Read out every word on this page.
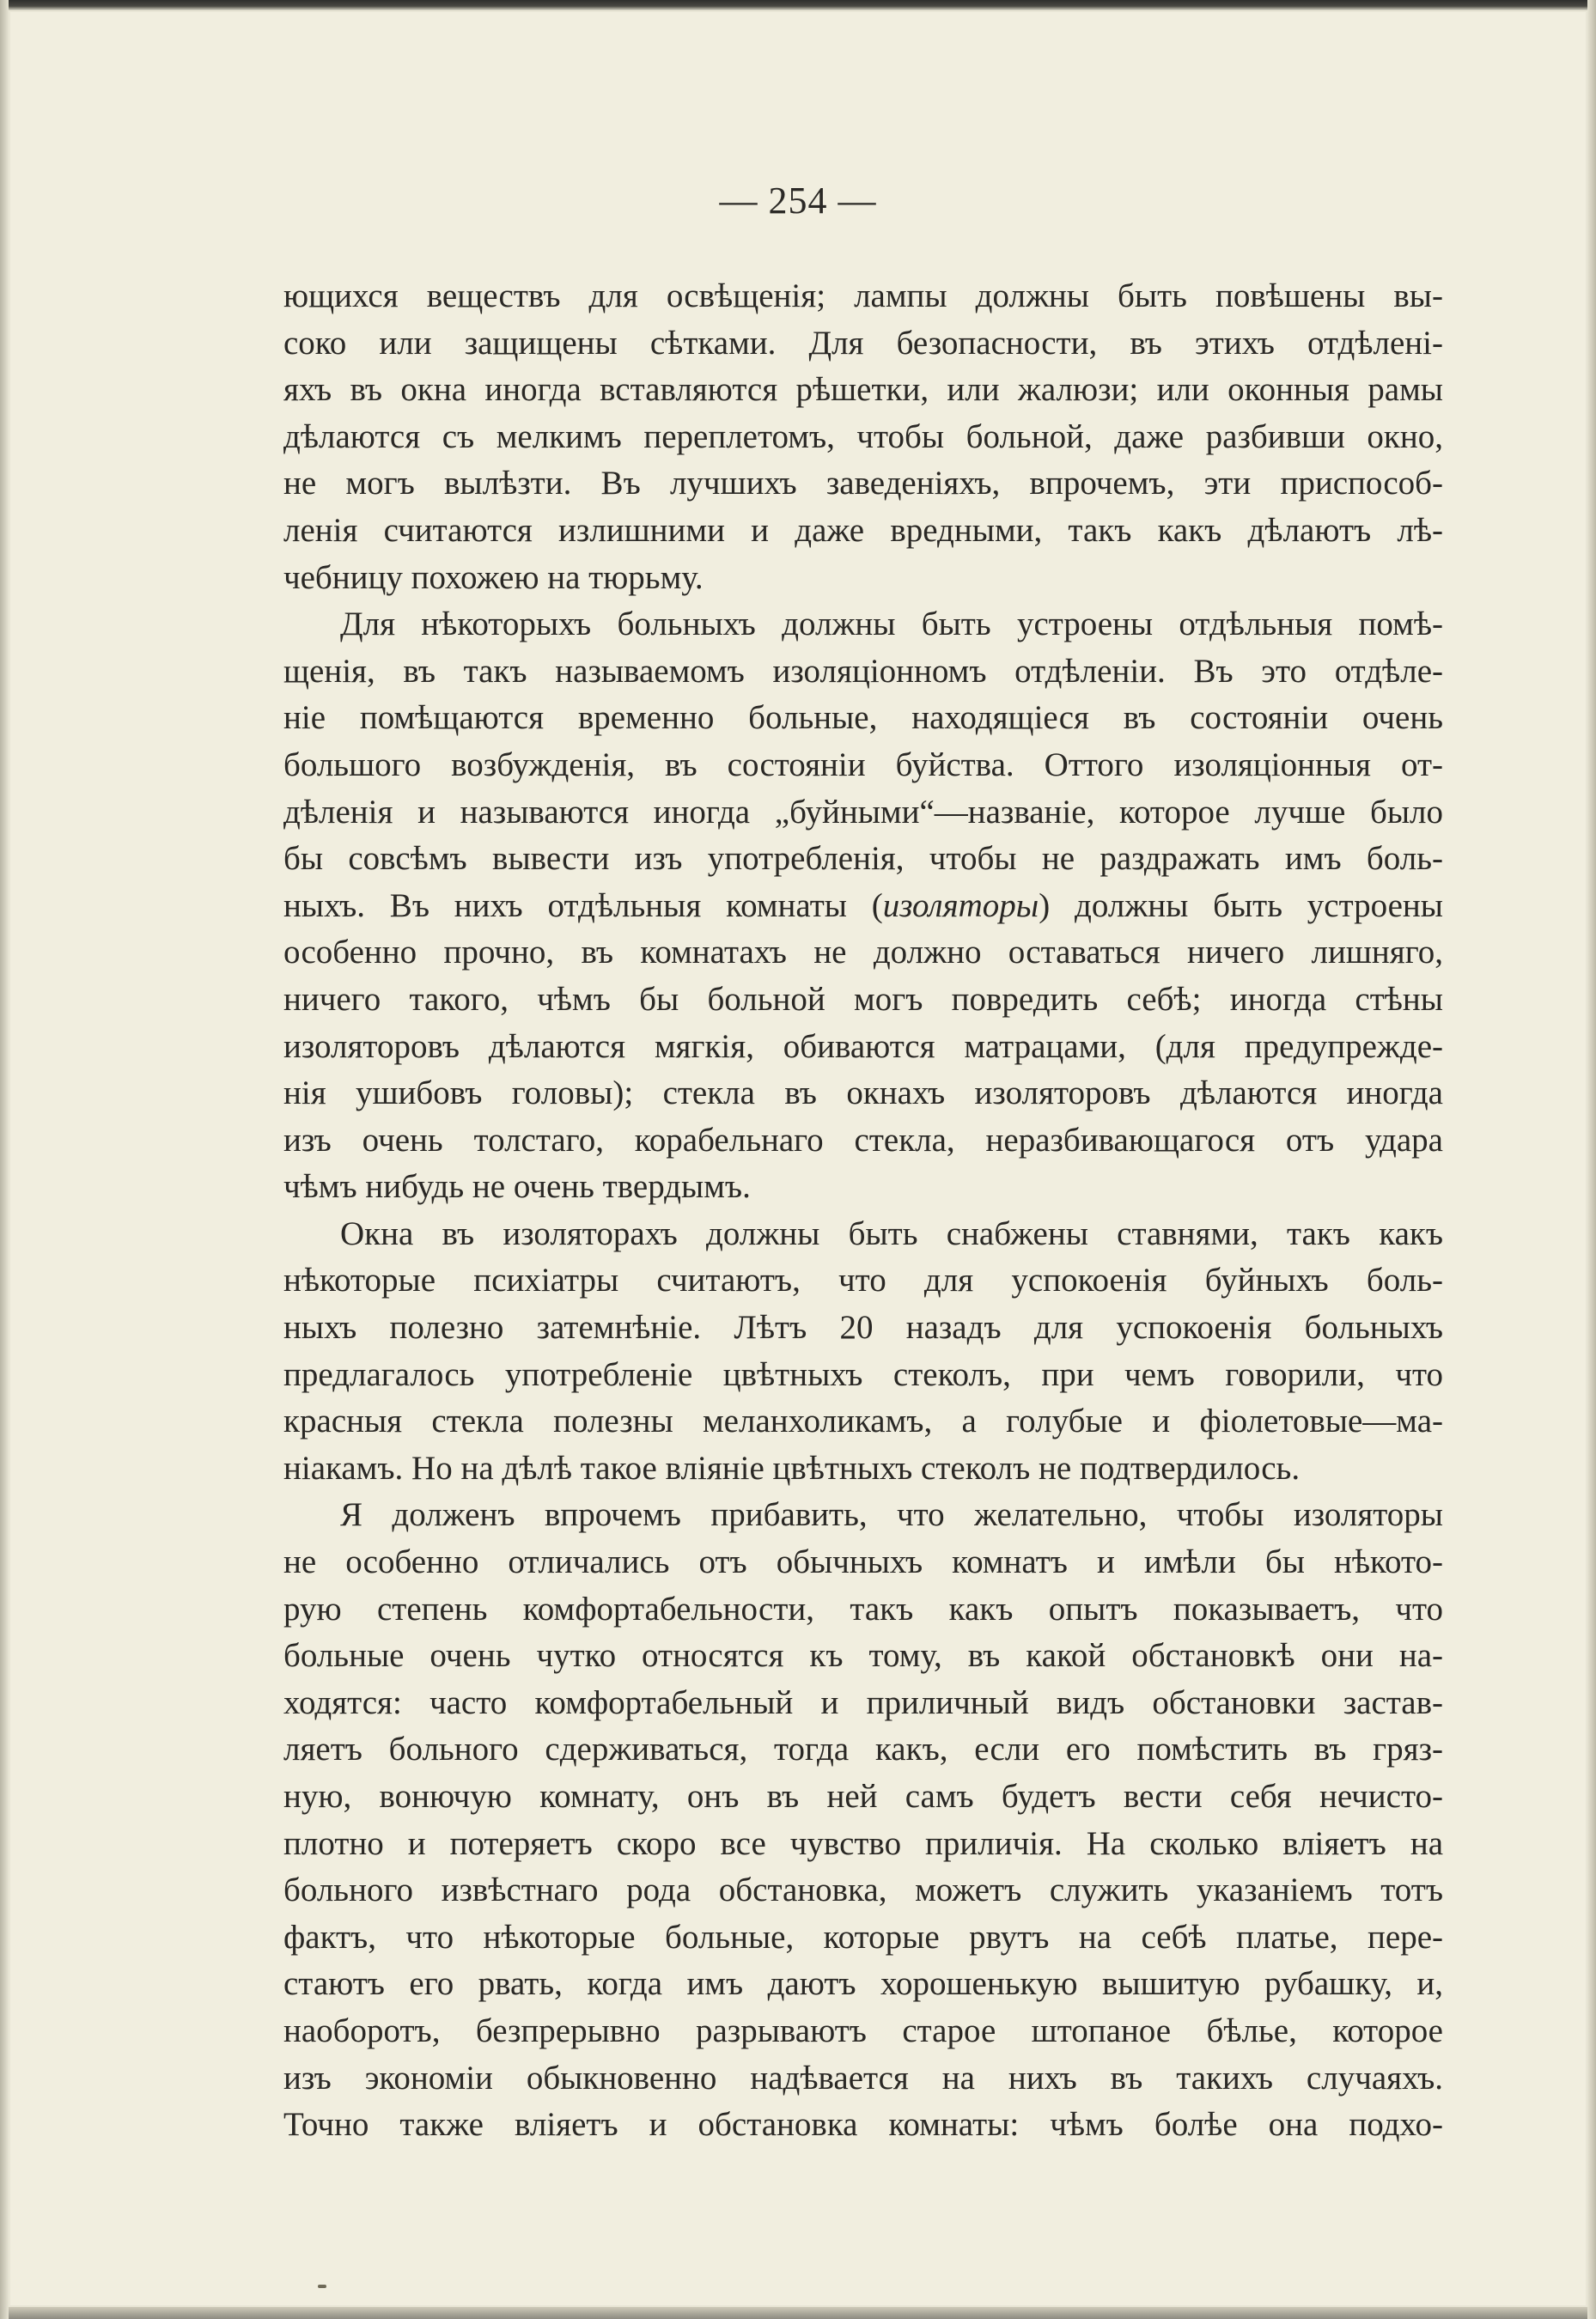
— 254 —
ющихся веществъ для освѣщенія; лампы должны быть повѣшены вы-
соко или защищены сѣтками. Для безопасности, въ этихъ отдѣленi-
яхъ въ окна иногда вставляются рѣшетки, или жалюзи; или оконныя рамы
дѣлаются съ мелкимъ переплетомъ, чтобы больной, даже разбивши окно,
не могъ вылѣзти. Въ лучшихъ заведеніяхъ, впрочемъ, эти приспособ-
ленія считаются излишними и даже вредными, такъ какъ дѣлаютъ лѣ-
чебницу похожею на тюрьму.
Для нѣкоторыхъ больныхъ должны быть устроены отдѣльныя помѣ-
щенія, въ такъ называемомъ изоляціонномъ отдѣленіи. Въ это отдѣле-
ніе помѣщаются временно больные, находящіеся въ состояніи очень
большого возбужденія, въ состояніи буйства. Оттого изоляціонныя от-
дѣленія и называются иногда „буйными“—названіе, которое лучше было
бы совсѣмъ вывести изъ употребленія, чтобы не раздражать имъ боль-
ныхъ. Въ нихъ отдѣльныя комнаты (изоляторы) должны быть устроены
особенно прочно, въ комнатахъ не должно оставаться ничего лишняго,
ничего такого, чѣмъ бы больной могъ повредить себѣ; иногда стѣны
изоляторовъ дѣлаются мягкія, обиваются матрацами, (для предупрежде-
нія ушибовъ головы); стекла въ окнахъ изоляторовъ дѣлаются иногда
изъ очень толстаго, корабельнаго стекла, неразбивающагося отъ удара
чѣмъ нибудь не очень твердымъ.
Окна въ изоляторахъ должны быть снабжены ставнями, такъ какъ
нѣкоторые психіатры считаютъ, что для успокоенія буйныхъ боль-
ныхъ полезно затемнѣніе. Лѣтъ 20 назадъ для успокоенія больныхъ
предлагалось употребленіе цвѣтныхъ стеколъ, при чемъ говорили, что
красныя стекла полезны меланхоликамъ, а голубые и фіолетовые—ма-
ніакамъ. Но на дѣлѣ такое вліяніе цвѣтныхъ стеколъ не подтвердилось.
Я долженъ впрочемъ прибавить, что желательно, чтобы изоляторы
не особенно отличались отъ обычныхъ комнатъ и имѣли бы нѣкото-
рую степень комфортабельности, такъ какъ опытъ показываетъ, что
больные очень чутко относятся къ тому, въ какой обстановкѣ они на-
ходятся: часто комфортабельный и приличный видъ обстановки застав-
ляетъ больного сдерживаться, тогда какъ, если его помѣстить въ гряз-
ную, вонючую комнату, онъ въ ней самъ будетъ вести себя нечисто-
плотно и потеряетъ скоро все чувство приличія. На сколько вліяетъ на
больного извѣстнаго рода обстановка, можетъ служить указаніемъ тотъ
фактъ, что нѣкоторые больные, которые рвутъ на себѣ платье, пере-
стаютъ его рвать, когда имъ даютъ хорошенькую вышитую рубашку, и,
наоборотъ, безпрерывно разрываютъ старое штопаное бѣлье, которое
изъ экономіи обыкновенно надѣвается на нихъ въ такихъ случаяхъ.
Точно также вліяетъ и обстановка комнаты: чѣмъ болѣе она подхо-
